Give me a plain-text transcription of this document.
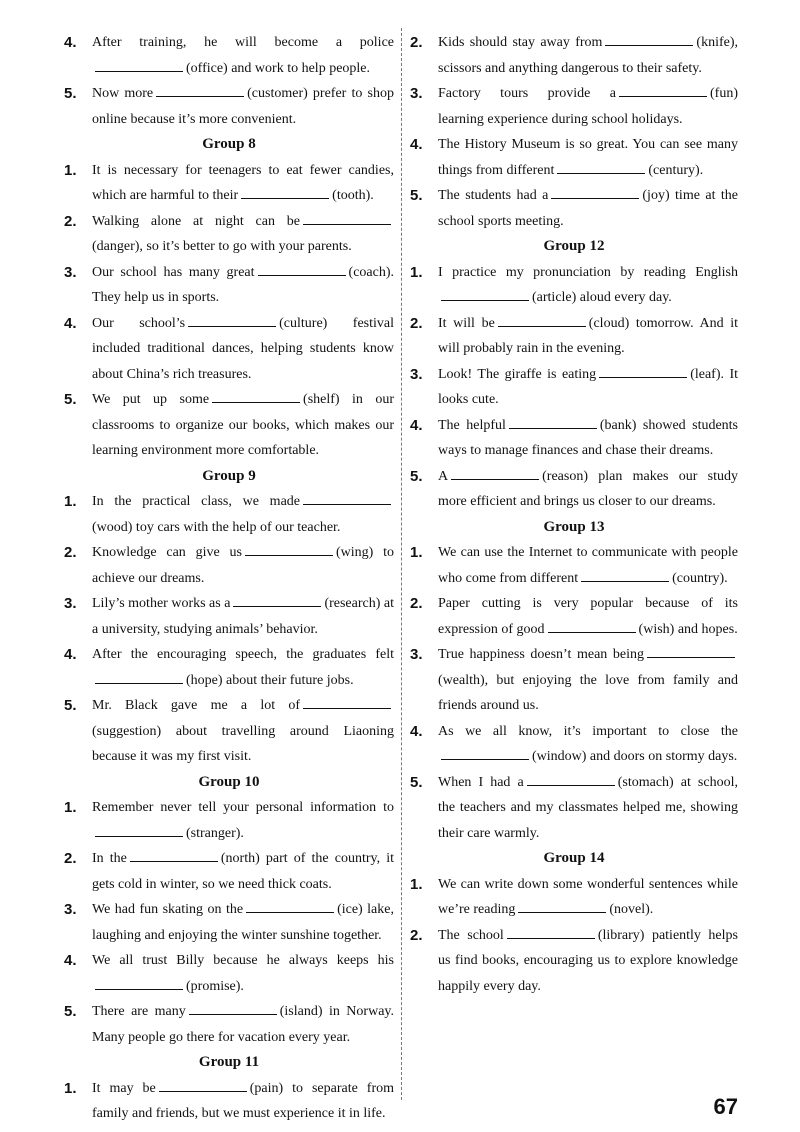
4.	After training, he will become a police(office) and work to help people.
5.	Now more	(customer) prefer to shop online because it’s more convenient.
Group 8
1.	It is necessary for teenagers to eat fewer candies, which are harmful to their	(tooth).
2.	Walking alone at night can be(danger), so it’s better to go with your parents.
3.	Our school has many great	(coach). They help us in sports.
4.	Our school’s	(culture) festival included traditional dances, helping students know about China’s rich treasures.
5.	We put up some	(shelf) in our classrooms to organize our books, which makes our learning environment more comfortable.
Group 9
1.	In the practical class, we made(wood) toy cars with the help of our teacher.
2.	Knowledge can give us	(wing) to achieve our dreams.
3.	Lily’s mother works as a	(research) at a university, studying animals’ behavior.
4.	After the encouraging speech, the graduates felt(hope) about their future jobs.
5.	Mr. Black gave me a lot of(suggestion) about travelling around Liaoning because it was my first visit.
Group 10
1.	Remember never tell your personal information to(stranger).
2.	In the	(north) part of the country, it gets cold in winter, so we need thick coats.
3.	We had fun skating on the	(ice) lake, laughing and enjoying the winter sunshine together.
4.	We all trust Billy because he always keeps his(promise).
5.	There are many	(island) in Norway. Many people go there for vacation every year.
Group 11
1.	It may be	(pain) to separate from family and friends, but we must experience it in life.
2.	Kids should stay away from	(knife), scissors and anything dangerous to their safety.
3.	Factory tours provide a	(fun) learning experience during school holidays.
4.	The History Museum is so great. You can see many things from different	(century).
5.	The students had a	(joy) time at the school sports meeting.
Group 12
1.	I practice my pronunciation by reading English(article) aloud every day.
2.	It will be	(cloud) tomorrow. And it will probably rain in the evening.
3.	Look! The giraffe is eating	(leaf). It looks cute.
4.	The helpful	(bank) showed students ways to manage finances and chase their dreams.
5.	A	(reason) plan makes our study more efficient and brings us closer to our dreams.
Group 13
1.	We can use the Internet to communicate with people who come from different	(country).
2.	Paper cutting is very popular because of its expression of good	(wish) and hopes.
3.	True happiness doesn’t mean being(wealth), but enjoying the love from family and friends around us.
4.	As we all know, it’s important to close the(window) and doors on stormy days.
5.	When I had a	(stomach) at school, the teachers and my classmates helped me, showing their care warmly.
Group 14
1.	We can write down some wonderful sentences while we’re reading	(novel).
2.	The school	(library) patiently helps us find books, encouraging us to explore knowledge happily every day.
67
